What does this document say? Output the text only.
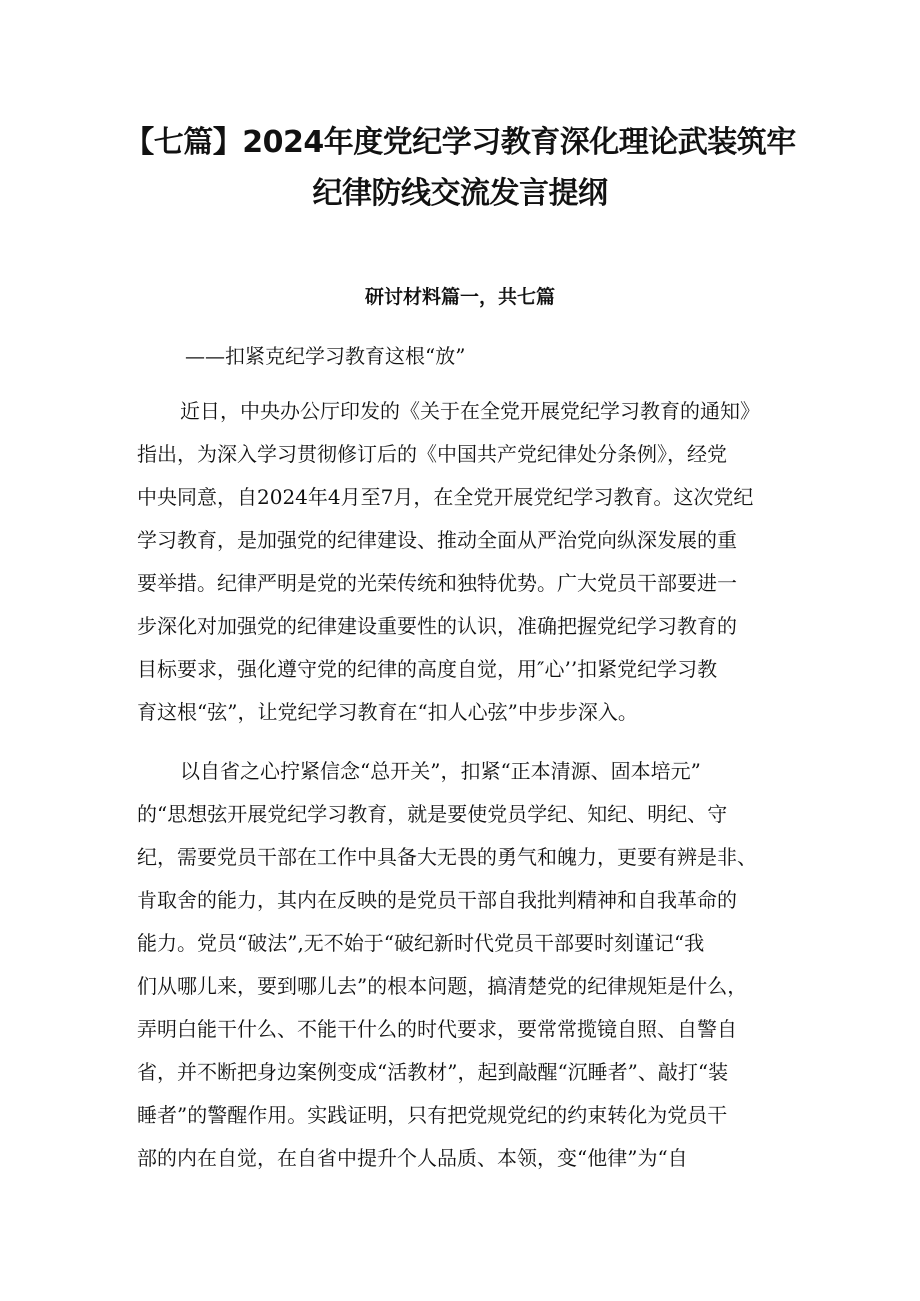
【七篇】2024年度党纪学习教育深化理论武装筑牢
纪律防线交流发言提纲
研讨材料篇一，共七篇

——扣紧克纪学习教育这根“放”

近日，中央办公厅印发的《关于在全党开展党纪学习教育的通知》

指出，为深入学习贯彻修订后的《中国共产党纪律处分条例》，经党

中央同意，自2024年4月至7月，在全党开展党纪学习教育。这次党纪

学习教育，是加强党的纪律建设、推动全面从严治党向纵深发展的重

要举措。纪律严明是党的光荣传统和独特优势。广大党员干部要进一

步深化对加强党的纪律建设重要性的认识，准确把握党纪学习教育的

目标要求，强化遵守党的纪律的高度自觉，用″心’’扣紧党纪学习教

育这根“弦”，让党纪学习教育在“扣人心弦”中步步深入。

以自省之心拧紧信念“总开关”，扣紧“正本清源、固本培元”

的“思想弦开展党纪学习教育，就是要使党员学纪、知纪、明纪、守

纪，需要党员干部在工作中具备大无畏的勇气和魄力，更要有辨是非、

肯取舍的能力，其内在反映的是党员干部自我批判精神和自我革命的

能力。党员“破法”,无不始于“破纪新时代党员干部要时刻谨记“我

们从哪儿来，要到哪儿去”的根本问题，搞清楚党的纪律规矩是什么，

弄明白能干什么、不能干什么的时代要求，要常常揽镜自照、自警自

省，并不断把身边案例变成“活教材”，起到敲醒“沉睡者”、敲打“装

睡者”的警醒作用。实践证明，只有把党规党纪的约束转化为党员干

部的内在自觉，在自省中提升个人品质、本领，变“他律”为“自
